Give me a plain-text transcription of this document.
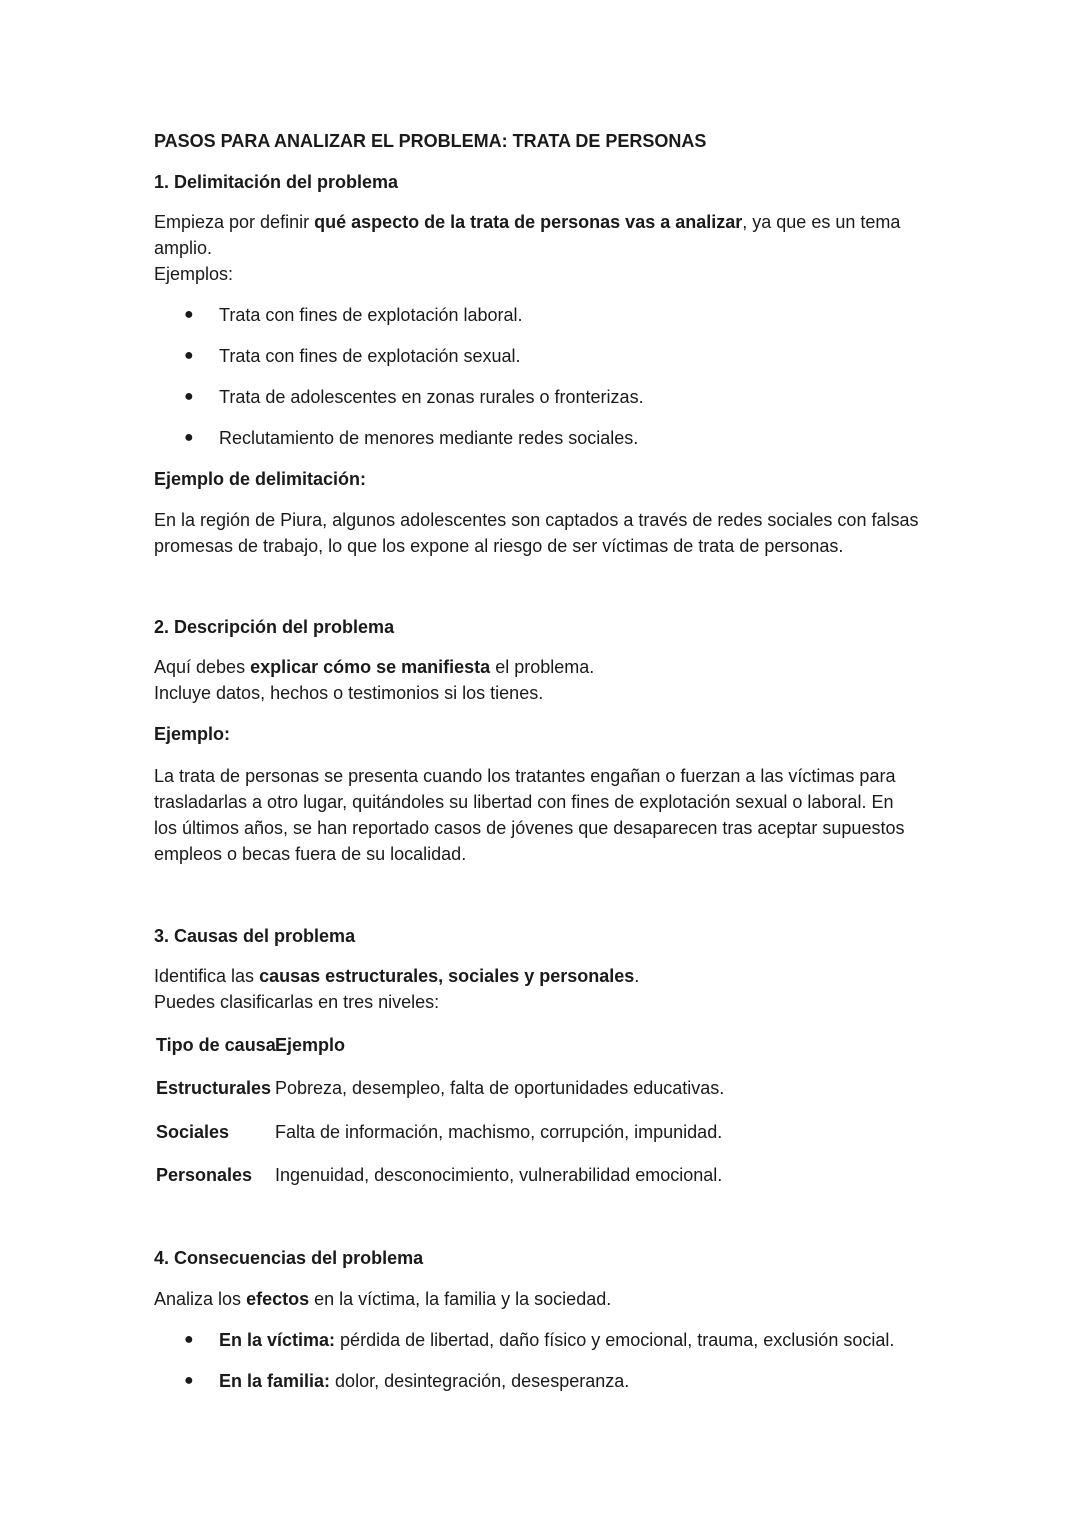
PASOS PARA ANALIZAR EL PROBLEMA: TRATA DE PERSONAS
1. Delimitación del problema
Empieza por definir qué aspecto de la trata de personas vas a analizar, ya que es un tema
amplio.
Ejemplos:
● Trata con fines de explotación laboral.
● Trata con fines de explotación sexual.
● Trata de adolescentes en zonas rurales o fronterizas.
● Reclutamiento de menores mediante redes sociales.
Ejemplo de delimitación:
En la región de Piura, algunos adolescentes son captados a través de redes sociales con falsas
promesas de trabajo, lo que los expone al riesgo de ser víctimas de trata de personas.
2. Descripción del problema
Aquí debes explicar cómo se manifiesta el problema.
Incluye datos, hechos o testimonios si los tienes.
Ejemplo:
La trata de personas se presenta cuando los tratantes engañan o fuerzan a las víctimas para
trasladarlas a otro lugar, quitándoles su libertad con fines de explotación sexual o laboral. En
los últimos años, se han reportado casos de jóvenes que desaparecen tras aceptar supuestos
empleos o becas fuera de su localidad.
3. Causas del problema
Identifica las causas estructurales, sociales y personales.
Puedes clasificarlas en tres niveles:
Tipo de causa Ejemplo
Estructurales Pobreza, desempleo, falta de oportunidades educativas.
Sociales	Falta de información, machismo, corrupción, impunidad.
Personales Ingenuidad, desconocimiento, vulnerabilidad emocional.
4. Consecuencias del problema
Analiza los efectos en la víctima, la familia y la sociedad.
● En la víctima: pérdida de libertad, daño físico y emocional, trauma, exclusión social.
● En la familia: dolor, desintegración, desesperanza.
